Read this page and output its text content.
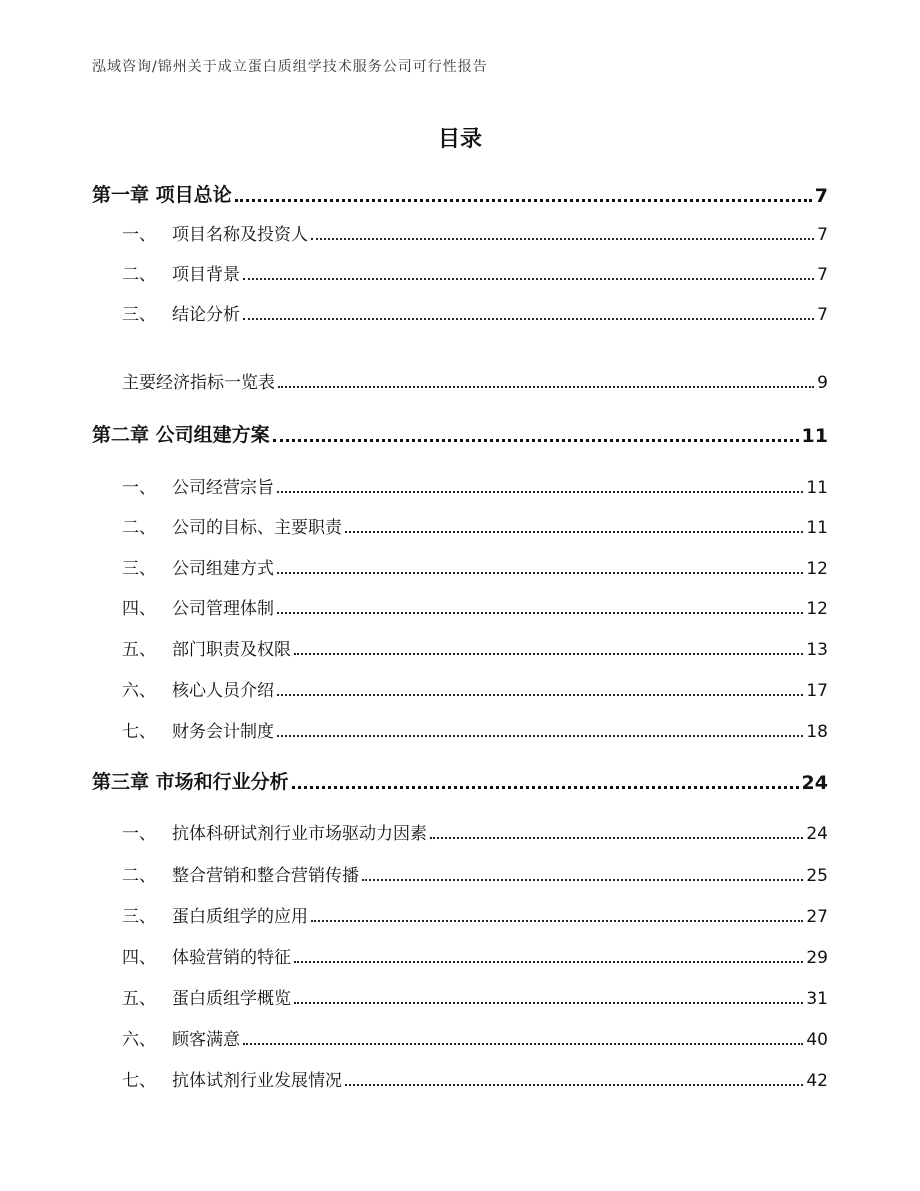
泓域咨询/锦州关于成立蛋白质组学技术服务公司可行性报告
目录
第一章 项目总论	7
一、 项目名称及投资人	7
二、 项目背景	7
三、 结论分析	7
主要经济指标一览表	9
第二章 公司组建方案	11
一、 公司经营宗旨	11
二、 公司的目标、主要职责	11
三、 公司组建方式	12
四、 公司管理体制	12
五、 部门职责及权限	13
六、 核心人员介绍	17
七、 财务会计制度	18
第三章 市场和行业分析	24
一、 抗体科研试剂行业市场驱动力因素	24
二、 整合营销和整合营销传播	25
三、 蛋白质组学的应用	27
四、 体验营销的特征	29
五、 蛋白质组学概览	31
六、 顾客满意	40
七、 抗体试剂行业发展情况	42
